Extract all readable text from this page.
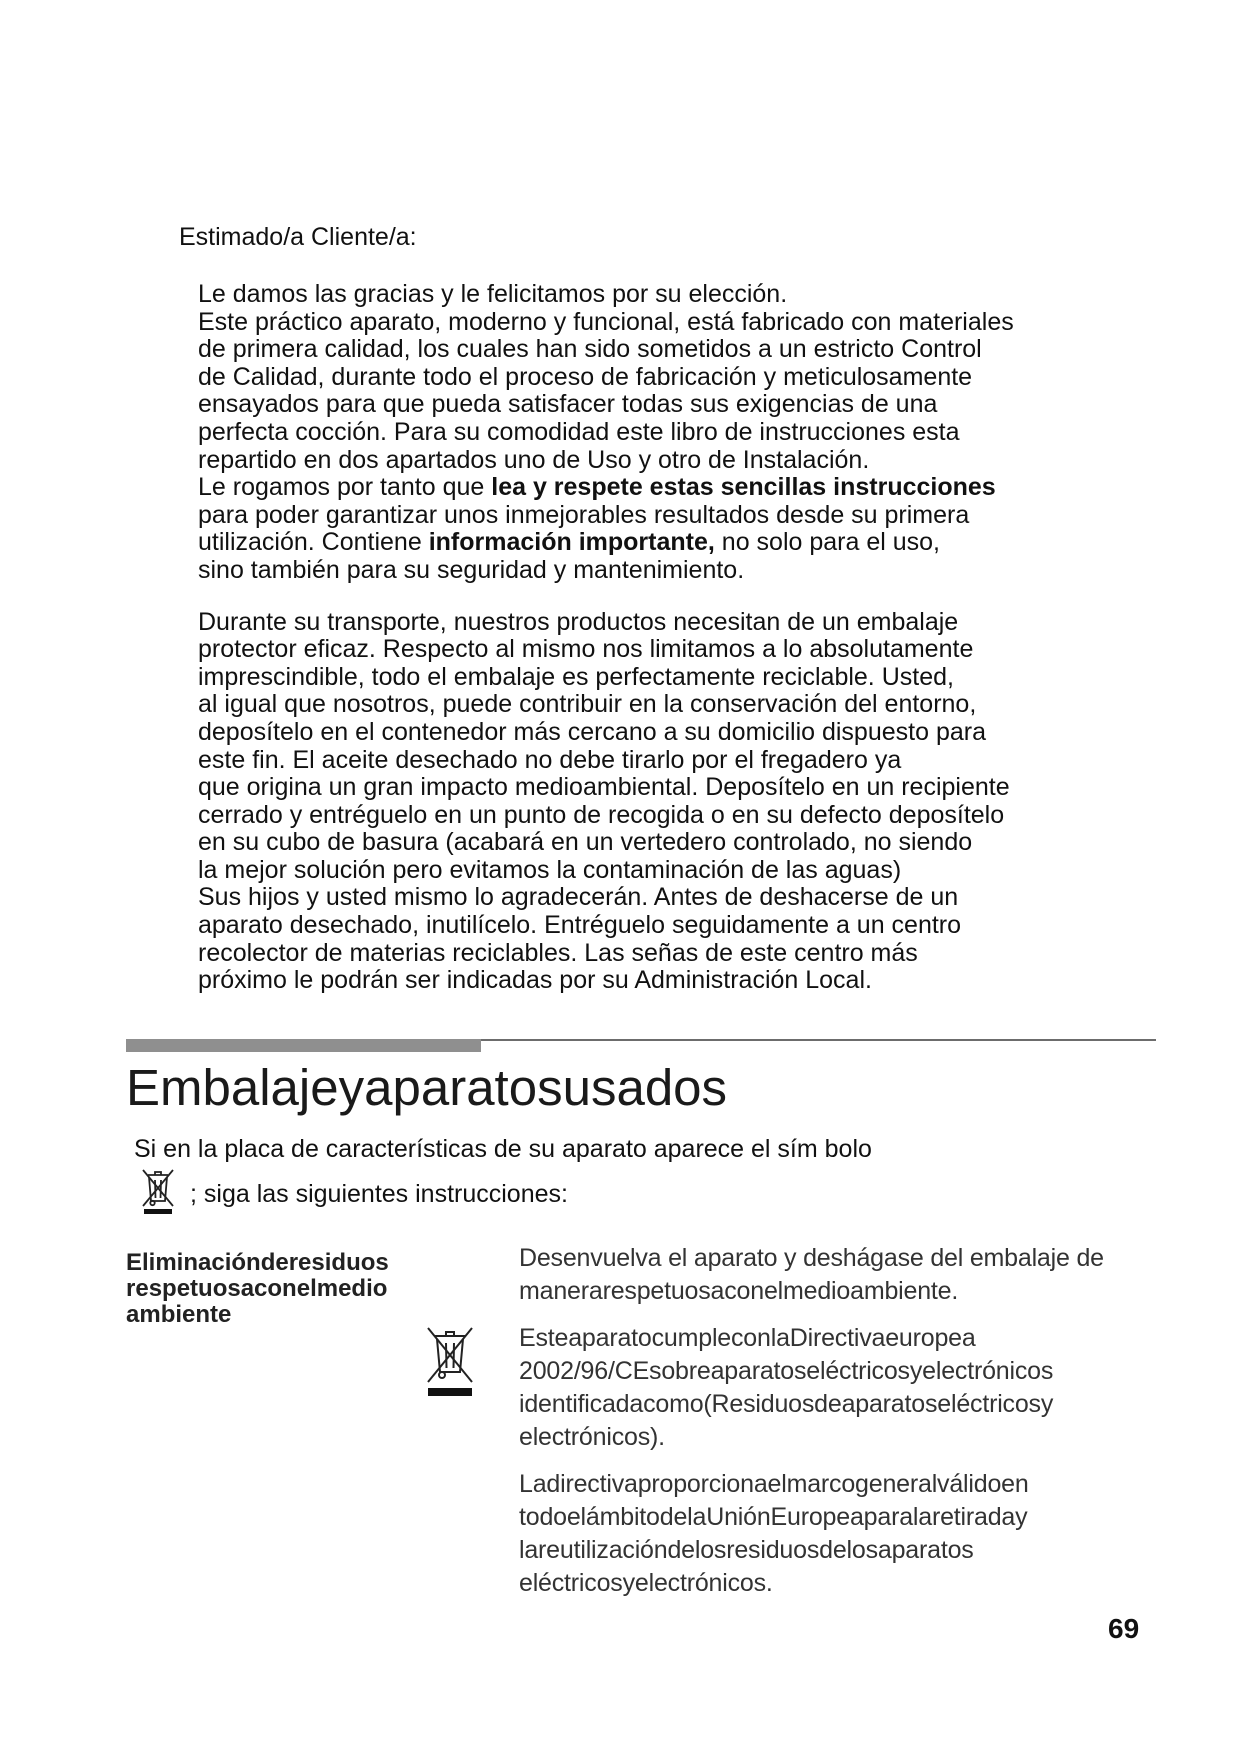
Estimado/a Cliente/a:

Le damos las gracias y le felicitamos por su elección.

Este práctico aparato, moderno y funcional, está fabricado con materiales

de primera calidad, los cuales han sido sometidos a un estricto Control

de Calidad, durante todo el proceso de fabricación y meticulosamente

ensayados para que pueda satisfacer todas sus exigencias de una

perfecta cocción. Para su comodidad este libro de instrucciones esta

repartido en dos apartados uno de Uso y otro de Instalación.

Le rogamos por tanto que lea y respete estas sencillas instrucciones

para poder garantizar unos inmejorables resultados desde su primera

utilización. Contiene información importante, no solo para el uso,

sino también para su seguridad y mantenimiento.

Durante su transporte, nuestros productos necesitan de un embalaje

protector eficaz. Respecto al mismo nos limitamos a lo absolutamente

imprescindible, todo el embalaje es perfectamente reciclable. Usted,

al igual que nosotros, puede contribuir en la conservación del entorno,

deposítelo en el contenedor más cercano a su domicilio dispuesto para

este fin. El aceite desechado no debe tirarlo por el fregadero ya

que origina un gran impacto medioambiental. Deposítelo en un recipiente

cerrado y entréguelo en un punto de recogida o en su defecto deposítelo

en su cubo de basura (acabará en un vertedero controlado, no siendo

la mejor solución pero evitamos la contaminación de las aguas)

Sus hijos y usted mismo lo agradecerán. Antes de deshacerse de un

aparato desechado, inutilícelo. Entréguelo seguidamente a un centro

recolector de materias reciclables. Las señas de este centro más

próximo le podrán ser indicadas por su Administración Local.

Embalajeyaparatosusados

Si en la placa de características de su aparato aparece el sím bolo

; siga las siguientes instrucciones:
Eliminaciónderesiduos
respetuosaconelmedio
ambiente

Desenvuelva el aparato y deshágase del embalaje de
manerarespetuosaconelmedioambiente.

EsteaparatocumpleconlaDirectivaeuropea
2002/96/CEsobreaparatoseléctricosyelectrónicos
identificadacomo(Residuosdeaparatoseléctricosy
electrónicos).

Ladirectivaproporcionaelmarcogeneralválidoen
todoelámbitodelaUniónEuropeaparalaretiraday
lareutilizacióndelosresiduosdelosaparatos
eléctricosyelectrónicos.

69
